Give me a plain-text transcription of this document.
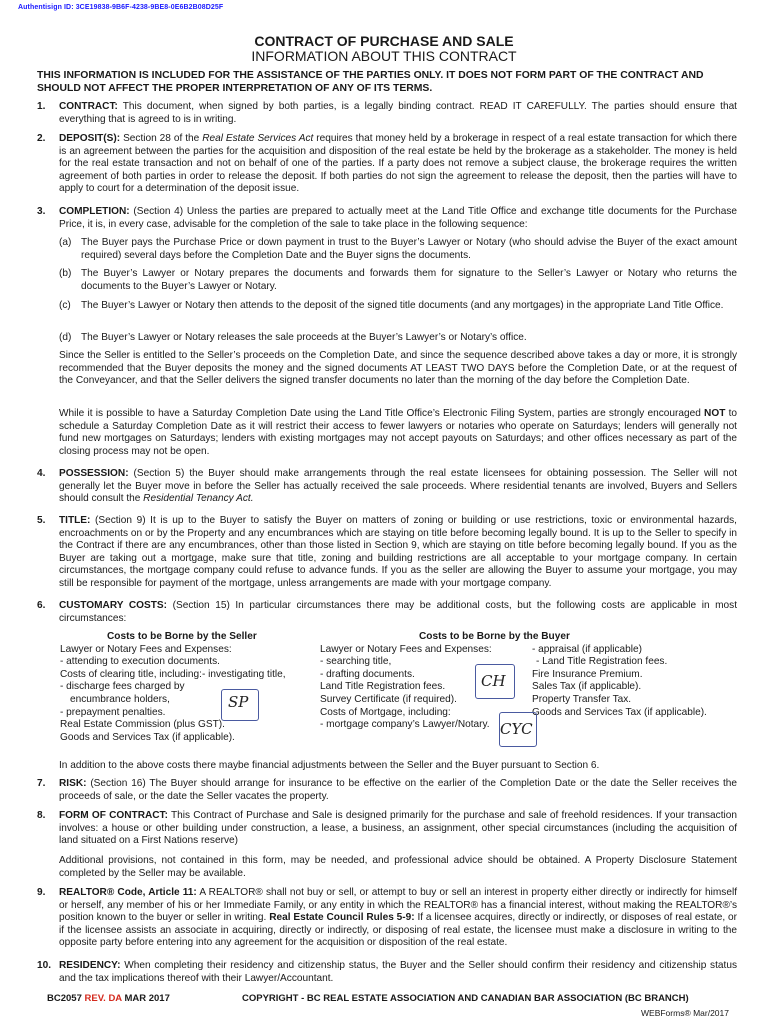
Authentisign ID: 3CE19838-9B6F-4238-9BE8-0E6B2B08D25F
CONTRACT OF PURCHASE AND SALE
INFORMATION ABOUT THIS CONTRACT
THIS INFORMATION IS INCLUDED FOR THE ASSISTANCE OF THE PARTIES ONLY. IT DOES NOT FORM PART OF THE CONTRACT AND SHOULD NOT AFFECT THE PROPER INTERPRETATION OF ANY OF ITS TERMS.
1. CONTRACT: This document, when signed by both parties, is a legally binding contract. READ IT CAREFULLY. The parties should ensure that everything that is agreed to is in writing.
2. DEPOSIT(S): Section 28 of the Real Estate Services Act requires that money held by a brokerage in respect of a real estate transaction for which there is an agreement between the parties for the acquisition and disposition of the real estate be held by the brokerage as a stakeholder. The money is held for the real estate transaction and not on behalf of one of the parties. If a party does not remove a subject clause, the brokerage requires the written agreement of both parties in order to release the deposit. If both parties do not sign the agreement to release the deposit, then the parties will have to apply to court for a determination of the deposit issue.
3. COMPLETION: (Section 4) Unless the parties are prepared to actually meet at the Land Title Office and exchange title documents for the Purchase Price, it is, in every case, advisable for the completion of the sale to take place in the following sequence:
(a) The Buyer pays the Purchase Price or down payment in trust to the Buyer’s Lawyer or Notary (who should advise the Buyer of the exact amount required) several days before the Completion Date and the Buyer signs the documents.
(b) The Buyer’s Lawyer or Notary prepares the documents and forwards them for signature to the Seller’s Lawyer or Notary who returns the documents to the Buyer’s Lawyer or Notary.
(c) The Buyer’s Lawyer or Notary then attends to the deposit of the signed title documents (and any mortgages) in the appropriate Land Title Office.
(d) The Buyer’s Lawyer or Notary releases the sale proceeds at the Buyer’s Lawyer’s or Notary’s office.
Since the Seller is entitled to the Seller’s proceeds on the Completion Date, and since the sequence described above takes a day or more, it is strongly recommended that the Buyer deposits the money and the signed documents AT LEAST TWO DAYS before the Completion Date, or at the request of the Conveyancer, and that the Seller delivers the signed transfer documents no later than the morning of the day before the Completion Date.
While it is possible to have a Saturday Completion Date using the Land Title Office’s Electronic Filing System, parties are strongly encouraged NOT to schedule a Saturday Completion Date as it will restrict their access to fewer lawyers or notaries who operate on Saturdays; lenders will generally not fund new mortgages on Saturdays; lenders with existing mortgages may not accept payouts on Saturdays; and other offices necessary as part of the closing process may not be open.
4. POSSESSION: (Section 5) the Buyer should make arrangements through the real estate licensees for obtaining possession. The Seller will not generally let the Buyer move in before the Seller has actually received the sale proceeds. Where residential tenants are involved, Buyers and Sellers should consult the Residential Tenancy Act.
5. TITLE: (Section 9) It is up to the Buyer to satisfy the Buyer on matters of zoning or building or use restrictions, toxic or environmental hazards, encroachments on or by the Property and any encumbrances which are staying on title before becoming legally bound. It is up to the Seller to specify in the Contract if there are any encumbrances, other than those listed in Section 9, which are staying on title before becoming legally bound. If you as the Buyer are taking out a mortgage, make sure that title, zoning and building restrictions are all acceptable to your mortgage company. In certain circumstances, the mortgage company could refuse to advance funds. If you as the seller are allowing the Buyer to assume your mortgage, you may still be responsible for payment of the mortgage, unless arrangements are made with your mortgage company.
6. CUSTOMARY COSTS: (Section 15) In particular circumstances there may be additional costs, but the following costs are applicable in most circumstances:
Costs to be Borne by the Seller
Lawyer or Notary Fees and Expenses:
- attending to execution documents.
Costs of clearing title, including:- investigating title,
- discharge fees charged by
encumbrance holders,
- prepayment penalties.
Real Estate Commission (plus GST).
Goods and Services Tax (if applicable).
Costs to be Borne by the Buyer
Lawyer or Notary Fees and Expenses:
- searching title,
- drafting documents.
Land Title Registration fees.
Survey Certificate (if required).
Costs of Mortgage, including:
- mortgage company’s Lawyer/Notary.
- appraisal (if applicable)
- Land Title Registration fees.
Fire Insurance Premium.
Sales Tax (if applicable).
Property Transfer Tax.
Goods and Services Tax (if applicable).
SP
CH
CYC
In addition to the above costs there maybe financial adjustments between the Seller and the Buyer pursuant to Section 6.
7. RISK: (Section 16) The Buyer should arrange for insurance to be effective on the earlier of the Completion Date or the date the Seller receives the proceeds of sale, or the date the Seller vacates the property.
8. FORM OF CONTRACT: This Contract of Purchase and Sale is designed primarily for the purchase and sale of freehold residences. If your transaction involves: a house or other building under construction, a lease, a business, an assignment, other special circumstances (including the acquisition of land situated on a First Nations reserve)
Additional provisions, not contained in this form, may be needed, and professional advice should be obtained. A Property Disclosure Statement completed by the Seller may be available.
9. REALTOR® Code, Article 11: A REALTOR® shall not buy or sell, or attempt to buy or sell an interest in property either directly or indirectly for himself or herself, any member of his or her Immediate Family, or any entity in which the REALTOR® has a financial interest, without making the REALTOR®’s position known to the buyer or seller in writing. Real Estate Council Rules 5-9: If a licensee acquires, directly or indirectly, or disposes of real estate, or if the licensee assists an associate in acquiring, directly or indirectly, or disposing of real estate, the licensee must make a disclosure in writing to the opposite party before entering into any agreement for the acquisition or disposition of the real estate.
10. RESIDENCY: When completing their residency and citizenship status, the Buyer and the Seller should confirm their residency and citizenship status and the tax implications thereof with their Lawyer/Accountant.
BC2057 REV. DA MAR 2017	COPYRIGHT - BC REAL ESTATE ASSOCIATION AND CANADIAN BAR ASSOCIATION (BC BRANCH)
WEBForms® Mar/2017
